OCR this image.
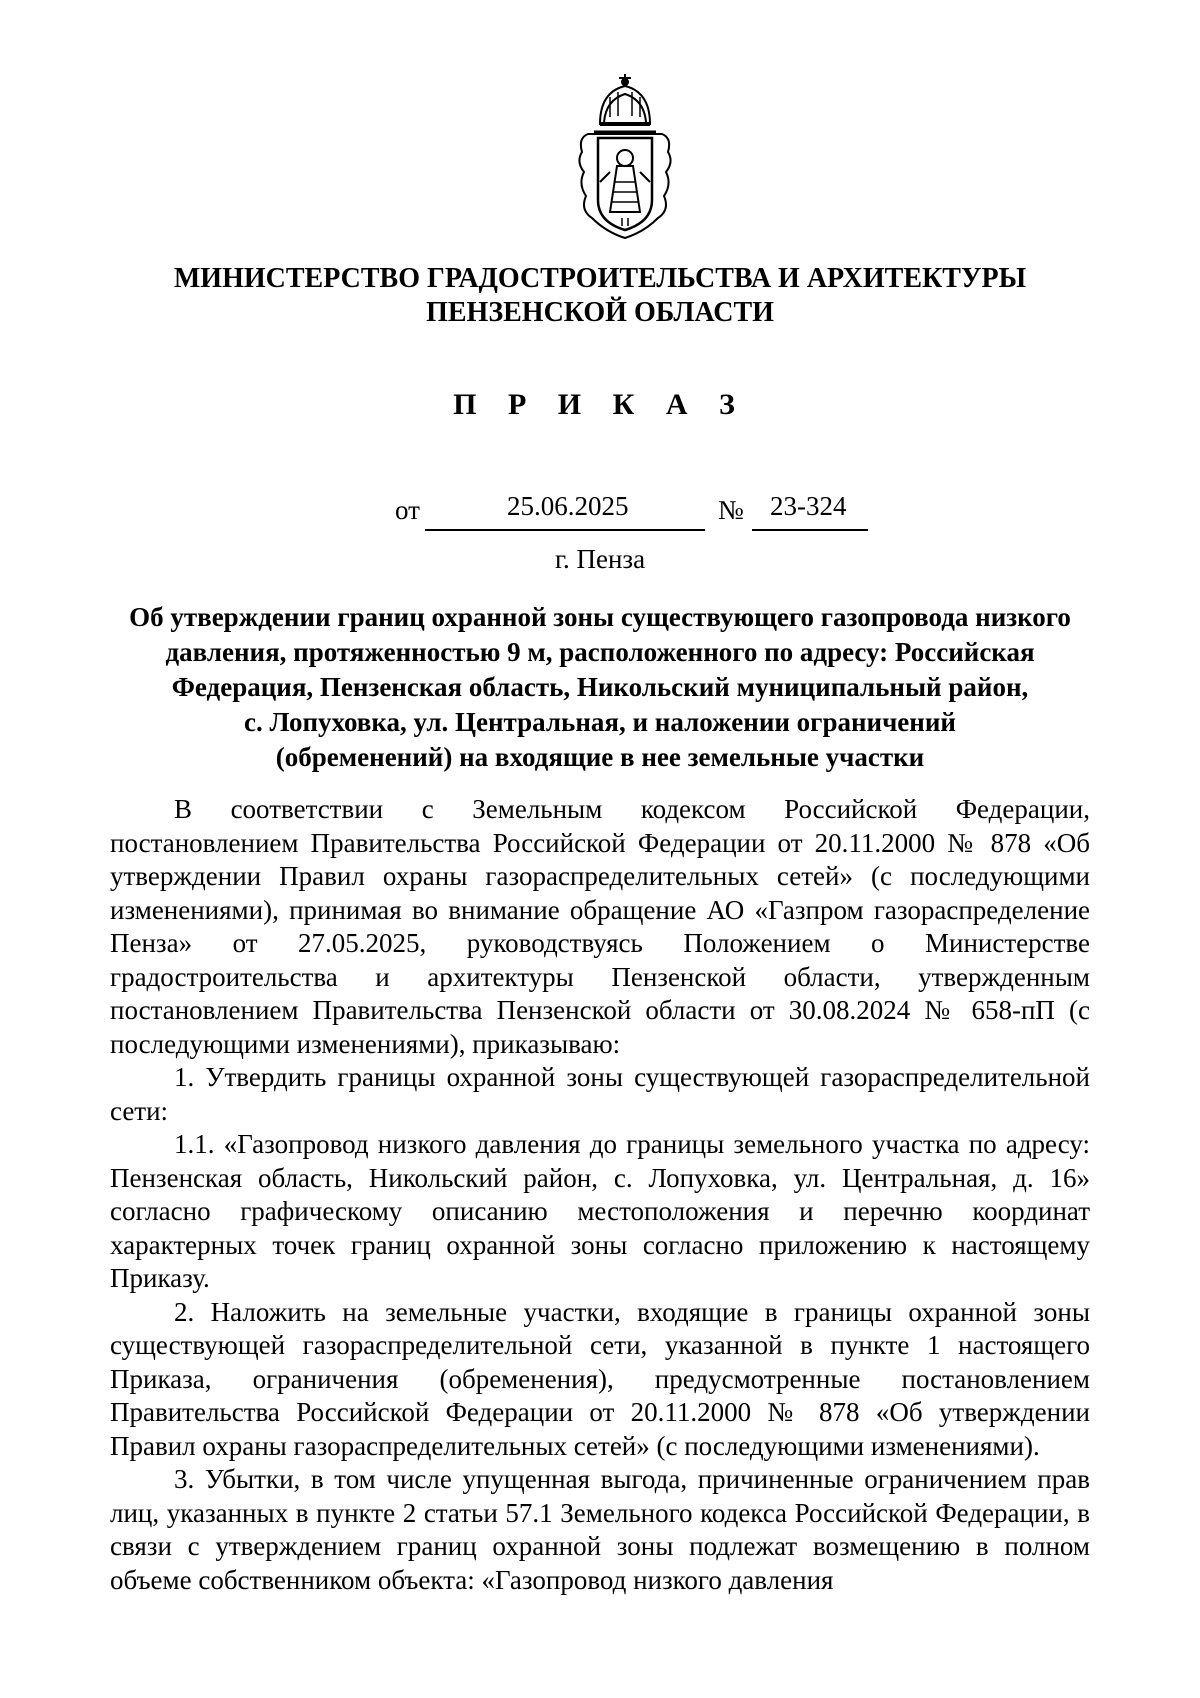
МИНИСТЕРСТВО ГРАДОСТРОИТЕЛЬСТВА И АРХИТЕКТУРЫ

ПЕНЗЕНСКОЙ ОБЛАСТИ

П Р И К А З

от	25.06.2025	№ 23-324
г. Пенза
Об утверждении границ охранной зоны существующего газопровода низкого
давления, протяженностью 9 м, расположенного по адресу: Российская
Федерация, Пензенская область, Никольский муниципальный район,
с. Лопуховка, ул. Центральная, и наложении ограничений
(обременений) на входящие в нее земельные участки

В соответствии с Земельным кодексом Российской Федерации, постановлением Правительства Российской Федерации от 20.11.2000 № 878 «Об утверждении Правил охраны газораспределительных сетей» (с последующими изменениями), принимая во внимание обращение АО «Газпром газораспределение Пенза» от 27.05.2025, руководствуясь Положением о Министерстве градостроительства и архитектуры Пензенской области, утвержденным постановлением Правительства Пензенской области от 30.08.2024 № 658-пП (с последующими изменениями), приказываю:

1. Утвердить границы охранной зоны существующей газораспределительной сети:

1.1. «Газопровод низкого давления до границы земельного участка по адресу: Пензенская область, Никольский район, с. Лопуховка, ул. Центральная, д. 16» согласно графическому описанию местоположения и перечню координат характерных точек границ охранной зоны согласно приложению к настоящему Приказу.

2. Наложить на земельные участки, входящие в границы охранной зоны существующей газораспределительной сети, указанной в пункте 1 настоящего Приказа, ограничения (обременения), предусмотренные постановлением Правительства Российской Федерации от 20.11.2000 № 878 «Об утверждении Правил охраны газораспределительных сетей» (с последующими изменениями).

3. Убытки, в том числе упущенная выгода, причиненные ограничением прав лиц, указанных в пункте 2 статьи 57.1 Земельного кодекса Российской Федерации, в связи с утверждением границ охранной зоны подлежат возмещению в полном объеме собственником объекта: «Газопровод низкого давления
